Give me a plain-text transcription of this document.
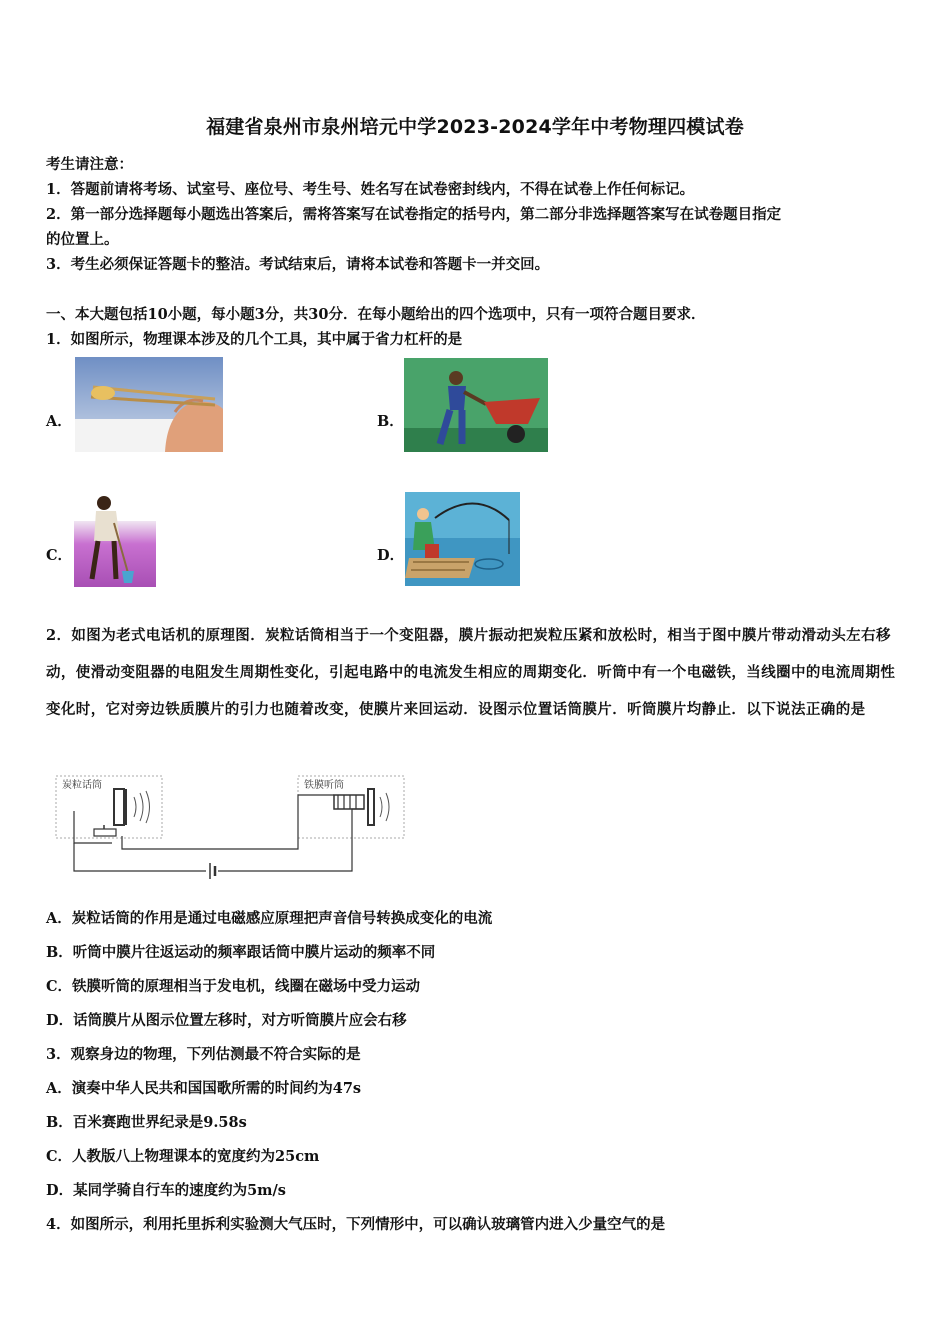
福建省泉州市泉州培元中学2023-2024学年中考物理四模试卷
考生请注意：
1．答题前请将考场、试室号、座位号、考生号、姓名写在试卷密封线内，不得在试卷上作任何标记。
2．第一部分选择题每小题选出答案后，需将答案写在试卷指定的括号内，第二部分非选择题答案写在试卷题目指定
的位置上。
3．考生必须保证答题卡的整洁。考试结束后，请将本试卷和答题卡一并交回。
一、本大题包括10小题，每小题3分，共30分．在每小题给出的四个选项中，只有一项符合题目要求．
1．如图所示，物理课本涉及的几个工具，其中属于省力杠杆的是
A．	B．
C．	D．
2．如图为老式电话机的原理图．炭粒话筒相当于一个变阻器，膜片振动把炭粒压紧和放松时，相当于图中膜片带动滑动头左右移动，使滑动变阻器的电阻发生周期性变化，引起电路中的电流发生相应的周期变化．听筒中有一个电磁铁，当线圈中的电流周期性变化时，它对旁边铁质膜片的引力也随着改变，使膜片来回运动．设图示位置话筒膜片．听筒膜片均静止．以下说法正确的是
炭粒话筒	铁膜听筒
A．炭粒话筒的作用是通过电磁感应原理把声音信号转换成变化的电流
B．听筒中膜片往返运动的频率跟话筒中膜片运动的频率不同
C．铁膜听筒的原理相当于发电机，线圈在磁场中受力运动
D．话筒膜片从图示位置左移时，对方听筒膜片应会右移
3．观察身边的物理，下列估测最不符合实际的是
A．演奏中华人民共和国国歌所需的时间约为47s
B．百米赛跑世界纪录是9.58s
C．人教版八上物理课本的宽度约为25cm
D．某同学骑自行车的速度约为5m/s
4．如图所示，利用托里拆利实验测大气压时，下列情形中，可以确认玻璃管内进入少量空气的是
